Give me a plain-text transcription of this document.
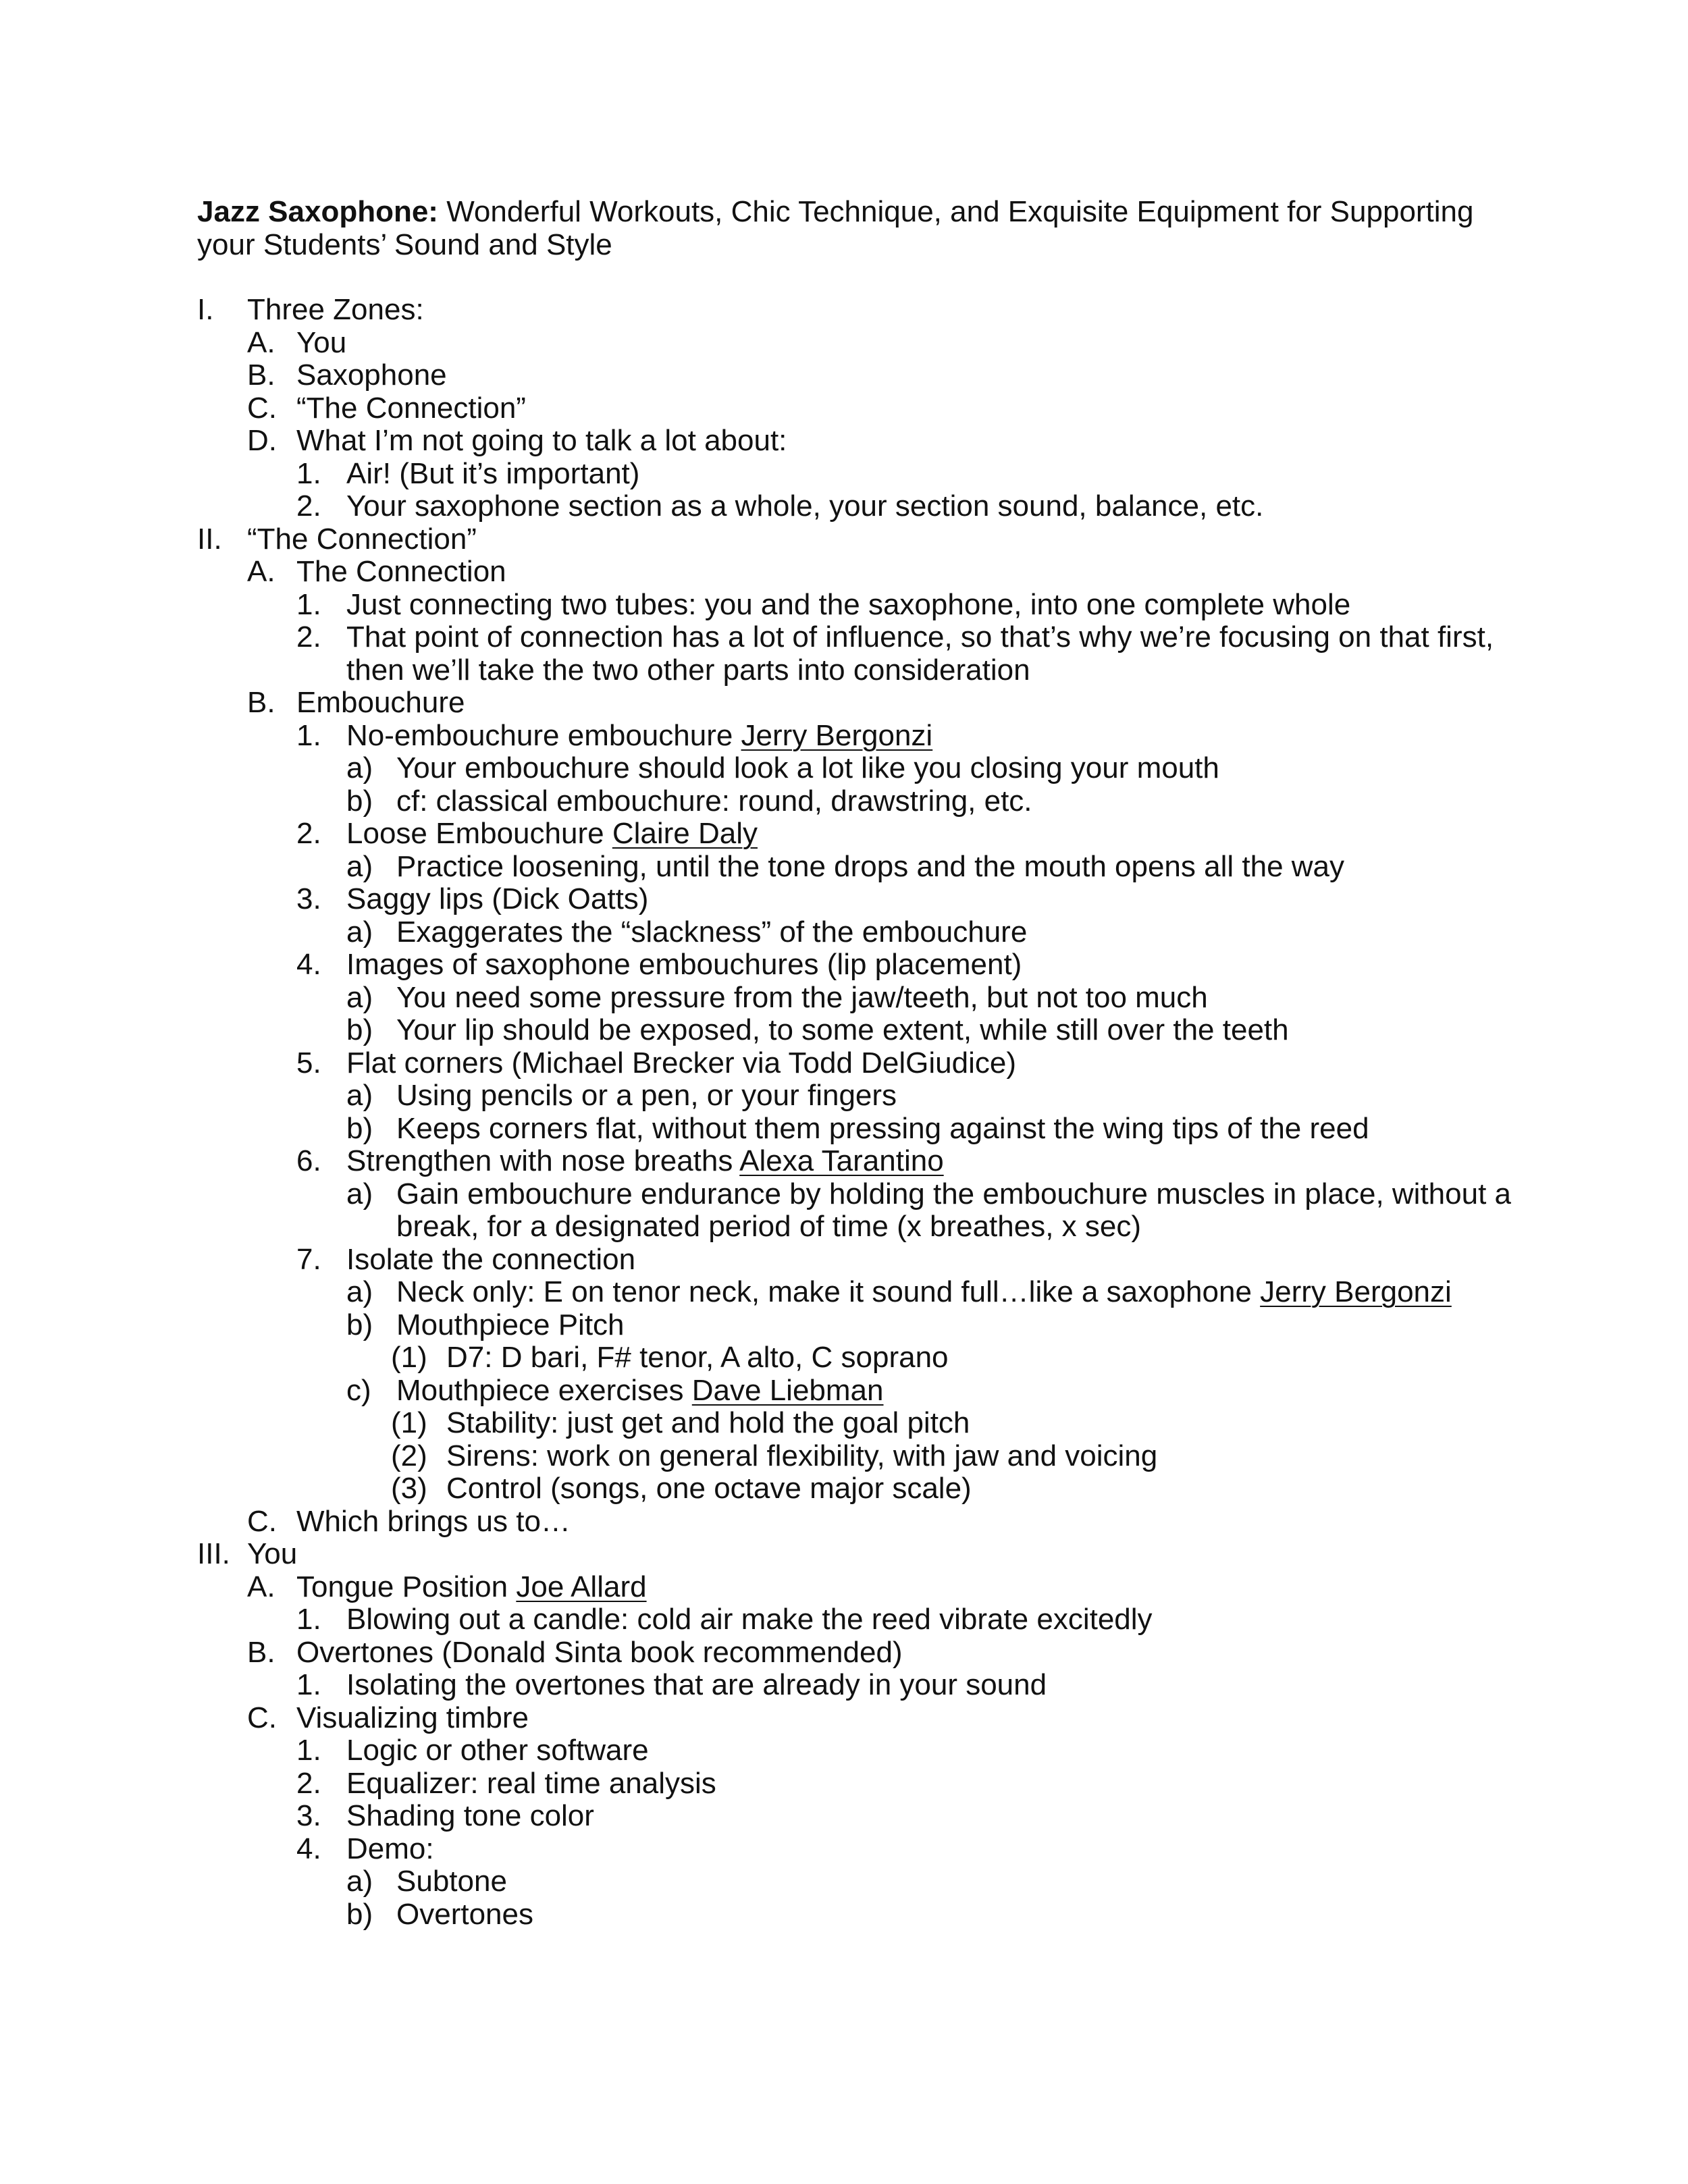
Jazz Saxophone: Wonderful Workouts, Chic Technique, and Exquisite Equipment for Supporting your Students’ Sound and Style

I. Three Zones:
A. You
B. Saxophone
C. “The Connection”
D. What I’m not going to talk a lot about:
1. Air! (But it’s important)
2. Your saxophone section as a whole, your section sound, balance, etc.
II. “The Connection”
A. The Connection
1. Just connecting two tubes: you and the saxophone, into one complete whole
2. That point of connection has a lot of influence, so that’s why we’re focusing on that first, then we’ll take the two other parts into consideration
B. Embouchure
1. No-embouchure embouchure Jerry Bergonzi
a) Your embouchure should look a lot like you closing your mouth
b) cf: classical embouchure: round, drawstring, etc.
2. Loose Embouchure Claire Daly
a) Practice loosening, until the tone drops and the mouth opens all the way
3. Saggy lips (Dick Oatts)
a) Exaggerates the “slackness” of the embouchure
4. Images of saxophone embouchures (lip placement)
a) You need some pressure from the jaw/teeth, but not too much
b) Your lip should be exposed, to some extent, while still over the teeth
5. Flat corners (Michael Brecker via Todd DelGiudice)
a) Using pencils or a pen, or your fingers
b) Keeps corners flat, without them pressing against the wing tips of the reed
6. Strengthen with nose breaths Alexa Tarantino
a) Gain embouchure endurance by holding the embouchure muscles in place, without a break, for a designated period of time (x breathes, x sec)
7. Isolate the connection
a) Neck only: E on tenor neck, make it sound full…like a saxophone Jerry Bergonzi
b) Mouthpiece Pitch
(1) D7: D bari, F# tenor, A alto, C soprano
c) Mouthpiece exercises Dave Liebman
(1) Stability: just get and hold the goal pitch
(2) Sirens: work on general flexibility, with jaw and voicing
(3) Control (songs, one octave major scale)
C. Which brings us to…
III. You
A. Tongue Position Joe Allard
1. Blowing out a candle: cold air make the reed vibrate excitedly
B. Overtones (Donald Sinta book recommended)
1. Isolating the overtones that are already in your sound
C. Visualizing timbre
1. Logic or other software
2. Equalizer: real time analysis
3. Shading tone color
4. Demo:
a) Subtone
b) Overtones
